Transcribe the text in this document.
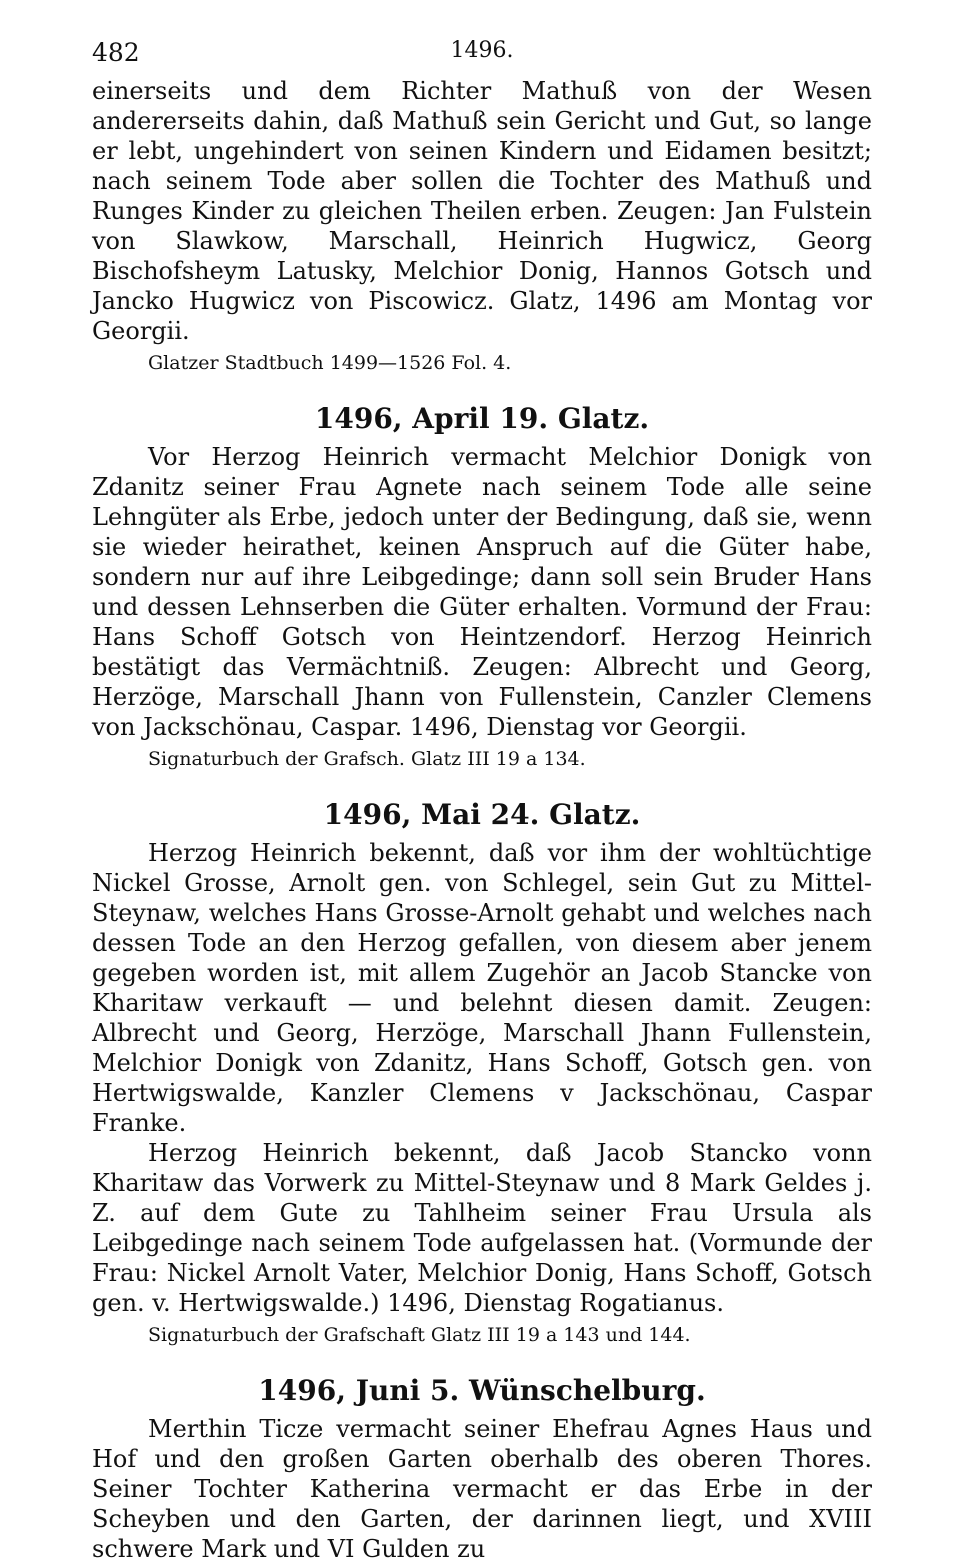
482	1496.

einerseits und dem Richter Mathuß von der Wesen andererseits dahin, daß Mathuß sein Gericht und Gut, so lange er lebt, ungehindert von seinen Kindern und Eidamen besitzt; nach seinem Tode aber sollen die Tochter des Mathuß und Runges Kinder zu gleichen Theilen erben. Zeugen: Jan Fulstein von Slawkow, Marschall, Heinrich Hugwicz, Georg Bischofsheym Latusky, Melchior Donig, Hannos Gotsch und Jancko Hugwicz von Piscowicz. Glatz, 1496 am Montag vor Georgii.

Glatzer Stadtbuch 1499—1526 Fol. 4.
1496, April 19. Glatz.

Vor Herzog Heinrich vermacht Melchior Donigk von Zdanitz seiner Frau Agnete nach seinem Tode alle seine Lehngüter als Erbe, jedoch unter der Bedingung, daß sie, wenn sie wieder heirathet, keinen Anspruch auf die Güter habe, sondern nur auf ihre Leibgedinge; dann soll sein Bruder Hans und dessen Lehnserben die Güter erhalten. Vormund der Frau: Hans Schoff Gotsch von Heintzendorf. Herzog Heinrich bestätigt das Vermächtniß. Zeugen: Albrecht und Georg, Herzöge, Marschall Jhann von Fullenstein, Canzler Clemens von Jackschönau, Caspar. 1496, Dienstag vor Georgii.

Signaturbuch der Grafsch. Glatz III 19 a 134.
1496, Mai 24. Glatz.

Herzog Heinrich bekennt, daß vor ihm der wohltüchtige Nickel Grosse, Arnolt gen. von Schlegel, sein Gut zu Mittel-Steynaw, welches Hans Grosse-Arnolt gehabt und welches nach dessen Tode an den Herzog gefallen, von diesem aber jenem gegeben worden ist, mit allem Zugehör an Jacob Stancke von Kharitaw verkauft — und belehnt diesen damit. Zeugen: Albrecht und Georg, Herzöge, Marschall Jhann Fullenstein, Melchior Donigk von Zdanitz, Hans Schoff, Gotsch gen. von Hertwigswalde, Kanzler Clemens v Jackschönau, Caspar Franke.

Herzog Heinrich bekennt, daß Jacob Stancko vonn Kharitaw das Vorwerk zu Mittel-Steynaw und 8 Mark Geldes j. Z. auf dem Gute zu Tahlheim seiner Frau Ursula als Leibgedinge nach seinem Tode aufgelassen hat. (Vormunde der Frau: Nickel Arnolt Vater, Melchior Donig, Hans Schoff, Gotsch gen. v. Hertwigswalde.) 1496, Dienstag Rogatianus.

Signaturbuch der Grafschaft Glatz III 19 a 143 und 144.
1496, Juni 5. Wünschelburg.

Merthin Ticze vermacht seiner Ehefrau Agnes Haus und Hof und den großen Garten oberhalb des oberen Thores. Seiner Tochter Katherina vermacht er das Erbe in der Scheyben und den Garten, der darinnen liegt, und XVIII schwere Mark und VI Gulden zu
